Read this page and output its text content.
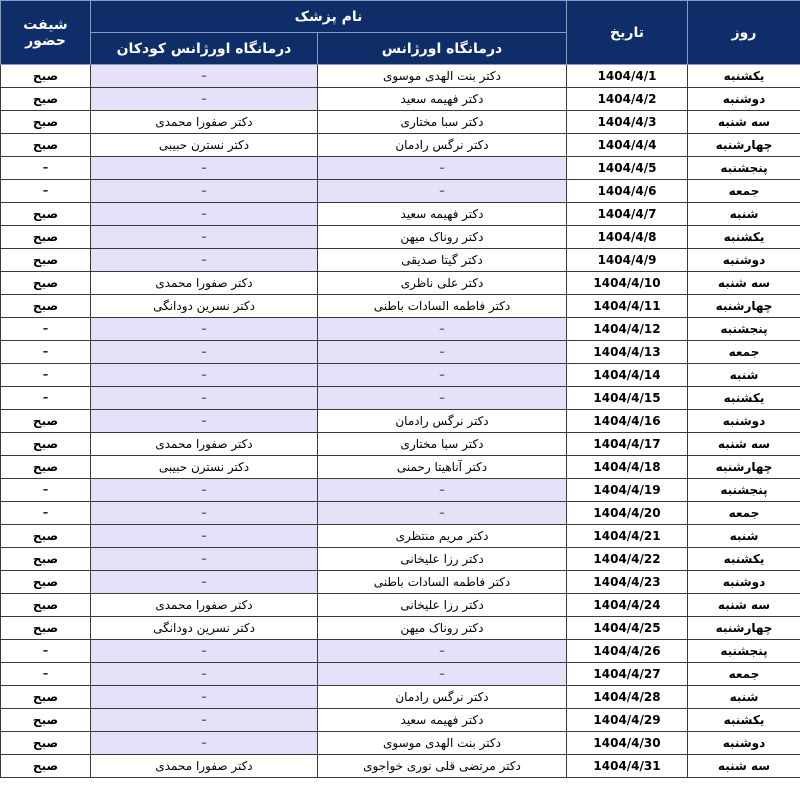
روز	تاریخ	نام پزشک		شیفت حضور
		درمانگاه اورژانس	درمانگاه اورژانس کودکان	
یکشنبه	1404/4/1	دکتر بنت الهدی موسوی	–	صبح
دوشنبه	1404/4/2	دکتر فهیمه سعید	–	صبح
سه شنبه	1404/4/3	دکتر سبا مختاری	دکتر صفورا محمدی	صبح
چهارشنبه	1404/4/4	دکتر نرگس رادمان	دکتر نسترن حبیبی	صبح
پنجشنبه	1404/4/5	–	–	–
جمعه	1404/4/6	–	–	–
شنبه	1404/4/7	دکتر فهیمه سعید	–	صبح
یکشنبه	1404/4/8	دکتر روناک میهن	–	صبح
دوشنبه	1404/4/9	دکتر گیتا صدیقی	–	صبح
سه شنبه	1404/4/10	دکتر علی ناظری	دکتر صفورا محمدی	صبح
چهارشنبه	1404/4/11	دکتر فاطمه السادات باطنی	دکتر نسرین دودانگی	صبح
پنجشنبه	1404/4/12	–	–	–
جمعه	1404/4/13	–	–	–
شنبه	1404/4/14	–	–	–
یکشنبه	1404/4/15	–	–	–
دوشنبه	1404/4/16	دکتر نرگس رادمان	–	صبح
سه شنبه	1404/4/17	دکتر سبا مختاری	دکتر صفورا محمدی	صبح
چهارشنبه	1404/4/18	دکتر آناهیتا رحمنی	دکتر نسترن حبیبی	صبح
پنجشنبه	1404/4/19	–	–	–
جمعه	1404/4/20	–	–	–
شنبه	1404/4/21	دکتر مریم منتظری	–	صبح
یکشنبه	1404/4/22	دکتر رزا علیخانی	–	صبح
دوشنبه	1404/4/23	دکتر فاطمه السادات باطنی	–	صبح
سه شنبه	1404/4/24	دکتر رزا علیخانی	دکتر صفورا محمدی	صبح
چهارشنبه	1404/4/25	دکتر روناک میهن	دکتر نسرین دودانگی	صبح
پنجشنبه	1404/4/26	–	–	–
جمعه	1404/4/27	–	–	–
شنبه	1404/4/28	دکتر نرگس رادمان	–	صبح
یکشنبه	1404/4/29	دکتر فهیمه سعید	–	صبح
دوشنبه	1404/4/30	دکتر بنت الهدی موسوی	–	صبح
سه شنبه	1404/4/31	دکتر مرتضی قلی نوری خواجوی	دکتر صفورا محمدی	صبح
